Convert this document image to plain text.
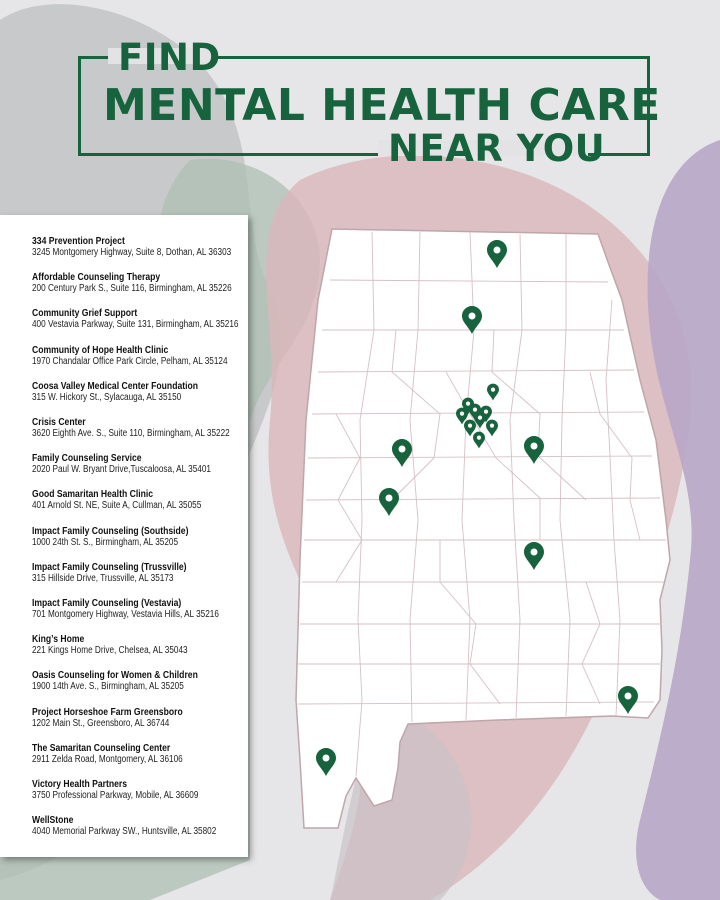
FIND
MENTAL HEALTH CARE
NEAR YOU
334 Prevention Project
3245 Montgomery Highway, Suite 8, Dothan, AL 36303
Affordable Counseling Therapy
200 Century Park S., Suite 116, Birmingham, AL 35226
Community Grief Support
400 Vestavia Parkway, Suite 131, Birmingham, AL 35216
Community of Hope Health Clinic
1970 Chandalar Office Park Circle, Pelham, AL 35124
Coosa Valley Medical Center Foundation
315 W. Hickory St., Sylacauga, AL 35150
Crisis Center
3620 Eighth Ave. S., Suite 110, Birmingham, AL 35222
Family Counseling Service
2020 Paul W. Bryant Drive,Tuscaloosa, AL 35401
Good Samaritan Health Clinic
401 Arnold St. NE, Suite A, Cullman, AL 35055
Impact Family Counseling (Southside)
1000 24th St. S., Birmingham, AL 35205
Impact Family Counseling (Trussville)
315 Hillside Drive, Trussville, AL 35173
Impact Family Counseling (Vestavia)
701 Montgomery Highway, Vestavia Hills, AL 35216
King’s Home
221 Kings Home Drive, Chelsea, AL 35043
Oasis Counseling for Women & Children
1900 14th Ave. S., Birmingham, AL 35205
Project Horseshoe Farm Greensboro
1202 Main St., Greensboro, AL 36744
The Samaritan Counseling Center
2911 Zelda Road, Montgomery, AL 36106
Victory Health Partners
3750 Professional Parkway, Mobile, AL 36609
WellStone
4040 Memorial Parkway SW., Huntsville, AL 35802
